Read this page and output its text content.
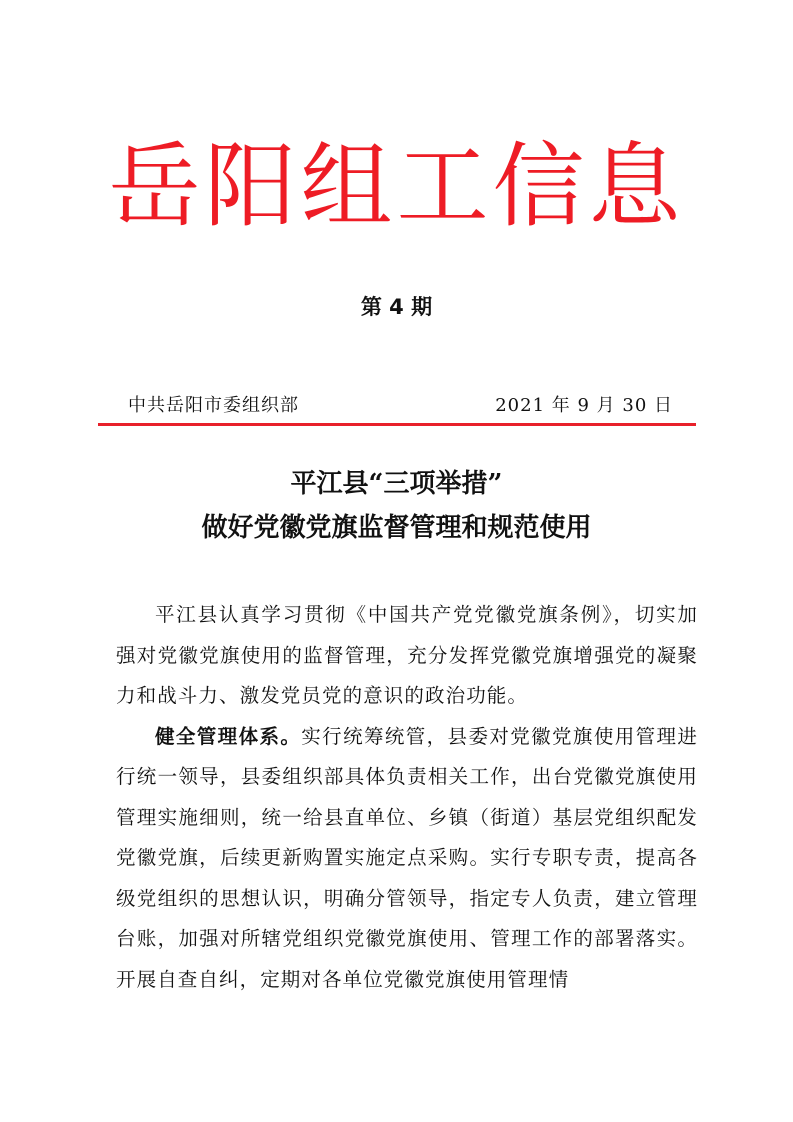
岳阳组工信息
第 4 期
中共岳阳市委组织部	2021 年 9 月 30 日
平江县“三项举措”
做好党徽党旗监督管理和规范使用

平江县认真学习贯彻《中国共产党党徽党旗条例》，切实加强对党徽党旗使用的监督管理，充分发挥党徽党旗增强党的凝聚力和战斗力、激发党员党的意识的政治功能。

健全管理体系。实行统筹统管，县委对党徽党旗使用管理进行统一领导，县委组织部具体负责相关工作，出台党徽党旗使用管理实施细则，统一给县直单位、乡镇（街道）基层党组织配发党徽党旗，后续更新购置实施定点采购。实行专职专责，提高各级党组织的思想认识，明确分管领导，指定专人负责，建立管理台账，加强对所辖党组织党徽党旗使用、管理工作的部署落实。开展自查自纠，定期对各单位党徽党旗使用管理情
